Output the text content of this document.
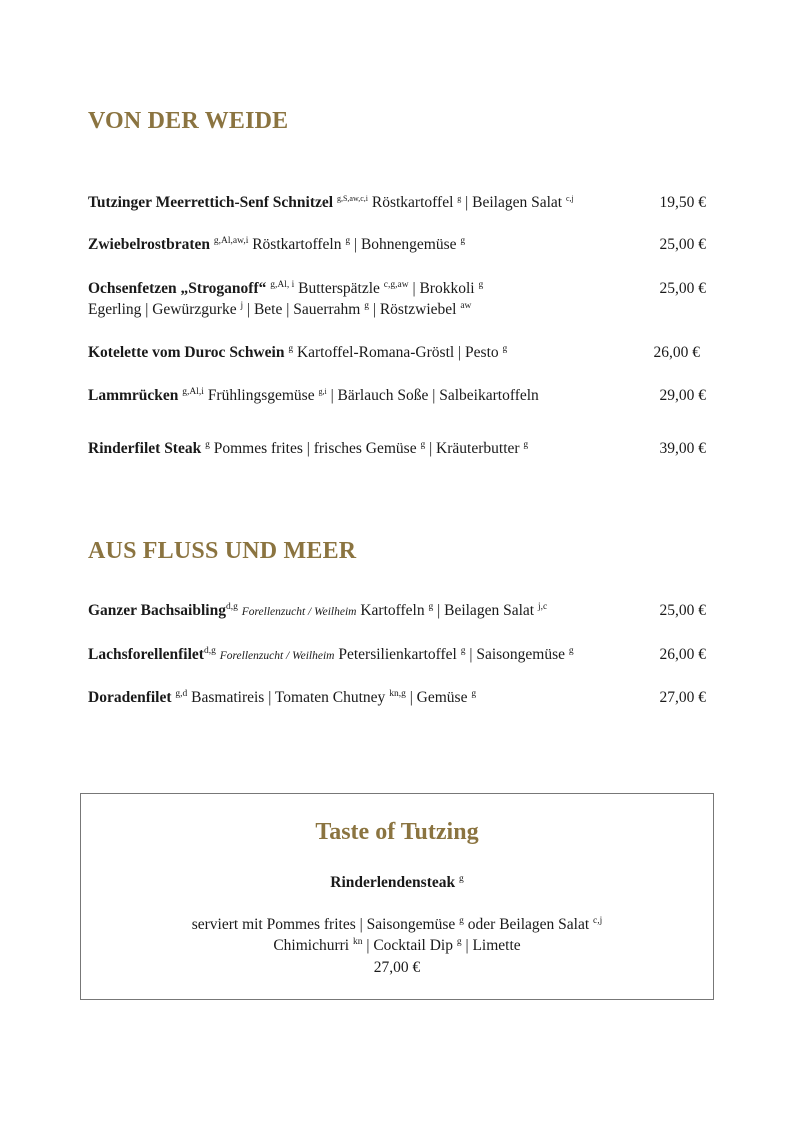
VON DER WEIDE
Tutzinger Meerrettich-Senf Schnitzel $^{g,S,aw,c,i}$ Röstkartoffel $^g$ | Beilagen Salat $^{c,j}$	19,50 €
Zwiebelrostbraten $^{g,Al,aw,i}$ Röstkartoffeln $^g$ | Bohnengemüse $^g$	25,00 €
Ochsenfetzen „Stroganoff“ $^{g,Al, i}$ Butterspätzle $^{c,g,aw}$ | Brokkoli $^g$	25,00 €
Egerling | Gewürzgurke $^j$ | Bete | Sauerrahm $^g$ | Röstzwiebel $^{aw}$
Kotelette vom Duroc Schwein $^g$ Kartoffel-Romana-Gröstl | Pesto $^g$	26,00 €
Lammrücken $^{g,Al,i}$ Frühlingsgemüse $^{g,i}$ | Bärlauch Soße | Salbeikartoffeln	29,00 €
Rinderfilet Steak $^g$ Pommes frites | frisches Gemüse $^g$ | Kräuterbutter $^g$	39,00 €
AUS FLUSS UND MEER
Ganzer Bachsaibling$^{d,g}$ Forellenzucht / Weilheim Kartoffeln $^g$ | Beilagen Salat $^{j,c}$	25,00 €
Lachsforellenfilet$^{d,g}$ Forellenzucht / Weilheim Petersilienkartoffel $^g$ | Saisongemüse $^g$	26,00 €
Doradenfilet $^{g,d}$ Basmatireis | Tomaten Chutney $^{kn,g}$ | Gemüse $^g$	27,00 €
Taste of Tutzing
Rinderlendensteak $^g$
serviert mit Pommes frites | Saisongemüse $^g$ oder Beilagen Salat $^{c,j}$
Chimichurri $^{kn}$ | Cocktail Dip $^g$ | Limette
27,00 €
